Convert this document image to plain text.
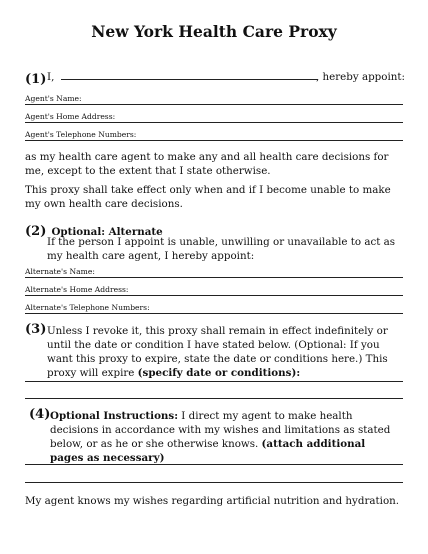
New York Health Care Proxy
(1) I,	, hereby appoint:
Agent's Name:
Agent's Home Address:
Agent's Telephone Numbers:
as my health care agent to make any and all health care decisions for me, except to the extent that I state otherwise.
This proxy shall take effect only when and if I become unable to make my own health care decisions.
(2) Optional: Alternate
If the person I appoint is unable, unwilling or unavailable to act as my health care agent, I hereby appoint:
Alternate's Name:
Alternate's Home Address:
Alternate's Telephone Numbers:
(3) Unless I revoke it, this proxy shall remain in effect indefinitely or until the date or condition I have stated below. (Optional: If you want this proxy to expire, state the date or conditions here.) This proxy will expire (specify date or conditions):
(4) Optional Instructions: I direct my agent to make health decisions in accordance with my wishes and limitations as stated below, or as he or she otherwise knows. (attach additional pages as necessary)
My agent knows my wishes regarding artificial nutrition and hydration.
